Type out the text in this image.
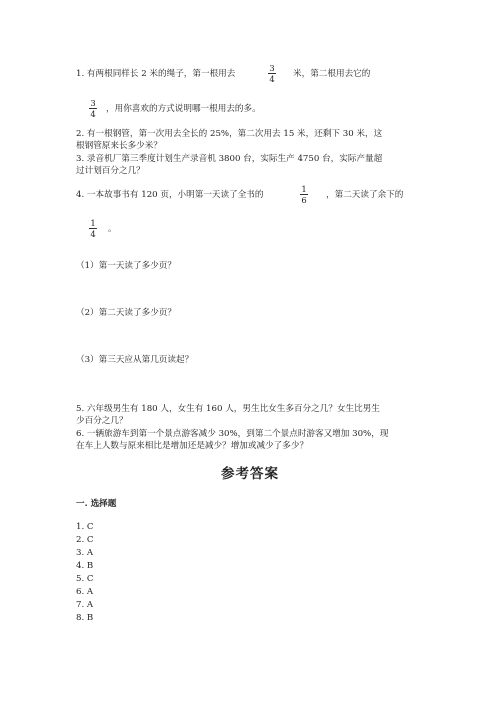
1. 有两根同样长 2 米的绳子，第一根用去
3
4 米，第二根用去它的
3
4 ，用你喜欢的方式说明哪一根用去的多。
2. 有一根钢管，第一次用去全长的 25%，第二次用去 15 米，还剩下 30 米，这
根钢管原来长多少米？
3. 录音机厂第三季度计划生产录音机 3800 台，实际生产 4750 台，实际产量超
过计划百分之几？
4. 一本故事书有 120 页，小明第一天读了全书的
1
6 ，第二天读了余下的
1
4 。
（1）第一天读了多少页？
（2）第二天读了多少页？
（3）第三天应从第几页读起？
5. 六年级男生有 180 人，女生有 160 人，男生比女生多百分之几？女生比男生
少百分之几？
6. 一辆旅游车到第一个景点游客减少 30%，到第二个景点时游客又增加 30%，现
在车上人数与原来相比是增加还是减少？增加或减少了多少？
参考答案
一. 选择题
1. C
2. C
3. A
4. B
5. C
6. A
7. A
8. B
